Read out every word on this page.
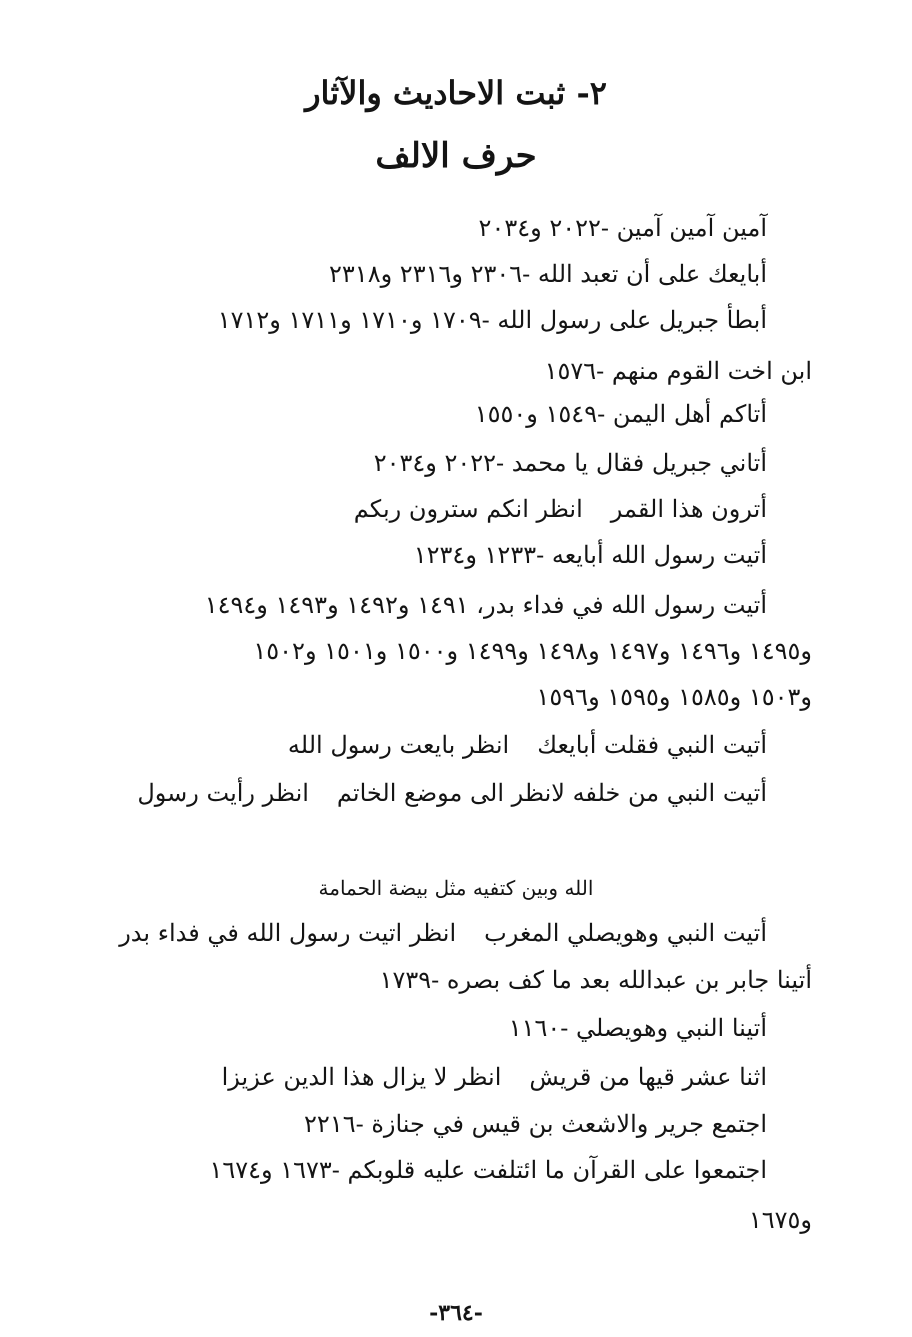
٢- ثبت الاحاديث والآثار
حرف الالف
آمين آمين آمين -٢٠٢٢ و٢٠٣٤
أبايعك على أن تعبد الله -٢٣٠٦ و٢٣١٦ و٢٣١٨
أبطأ جبريل على رسول الله -١٧٠٩ و١٧١٠ و١٧١١ و١٧١٢
ابن اخت القوم منهم -١٥٧٦
أتاكم أهل اليمن -١٥٤٩ و١٥٥٠
أتاني جبريل فقال يا محمد -٢٠٢٢ و٢٠٣٤
أترون هذا القمرانظر انكم سترون ربكم
أتيت رسول الله أبايعه -١٢٣٣ و١٢٣٤
أتيت رسول الله في فداء بدر، ١٤٩١ و١٤٩٢ و١٤٩٣ و١٤٩٤
و١٤٩٥ و١٤٩٦ و١٤٩٧ و١٤٩٨ و١٤٩٩ و١٥٠٠ و١٥٠١ و١٥٠٢
و١٥٠٣ و١٥٨٥ و١٥٩٥ و١٥٩٦
أتيت النبي فقلت أبايعكانظر بايعت رسول الله
أتيت النبي من خلفه لانظر الى موضع الخاتمانظر رأيت رسول
الله وبين كتفيه مثل بيضة الحمامة
أتيت النبي وهويصلي المغربانظر اتيت رسول الله في فداء بدر
أتينا جابر بن عبدالله بعد ما كف بصره -١٧٣٩
أتينا النبي وهويصلي -١١٦٠
اثنا عشر قيها من قريشانظر لا يزال هذا الدين عزيزا
اجتمع جرير والاشعث بن قيس في جنازة -٢٢١٦
اجتمعوا على القرآن ما ائتلفت عليه قلوبكم -١٦٧٣ و١٦٧٤
و١٦٧٥
-٣٦٤-
